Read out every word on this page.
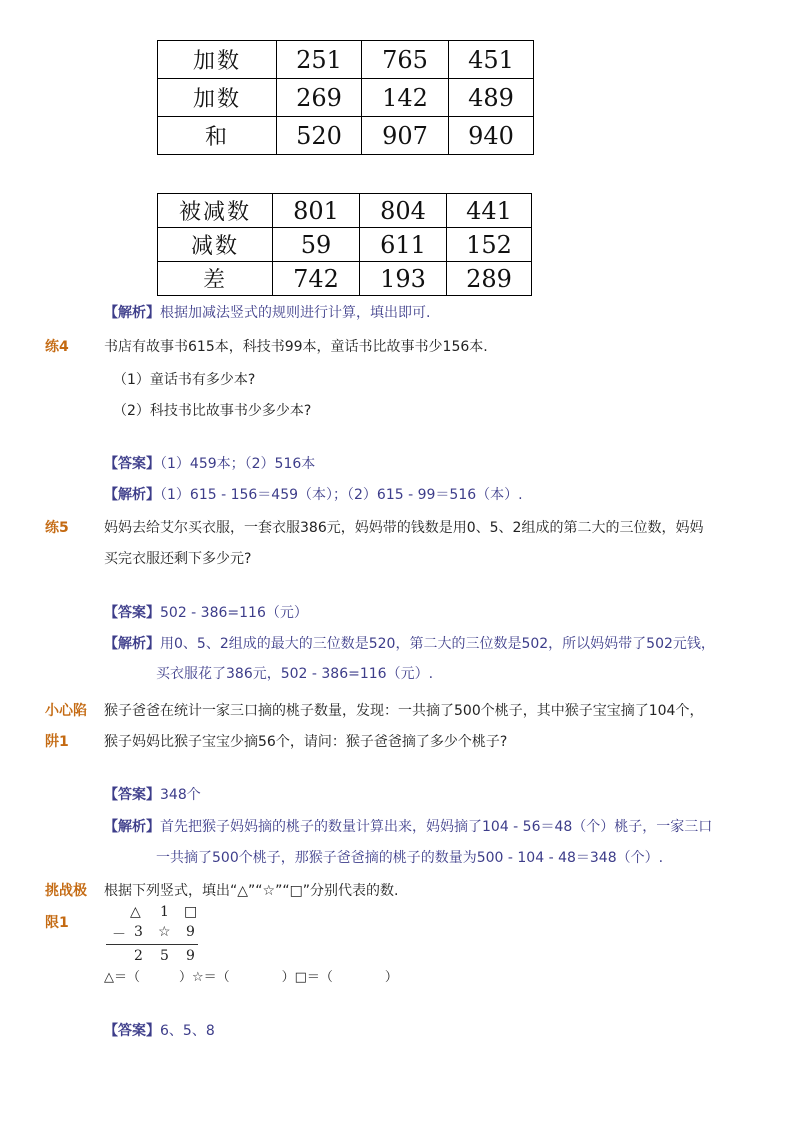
加数	251	765	451
加数	269	142	489
和	520	907	940
被减数	801	804	441
减数	59	611	152
差	742	193	289
【解析】根据加减法竖式的规则进行计算，填出即可.
练4	书店有故事书615本，科技书99本，童话书比故事书少156本.
（1）童话书有多少本?
（2）科技书比故事书少多少本?
【答案】（1）459本；（2）516本
【解析】（1）615 - 156＝459（本）；（2）615 - 99＝516（本）.
练5	妈妈去给艾尔买衣服，一套衣服386元，妈妈带的钱数是用0、5、2组成的第二大的三位数，妈妈
买完衣服还剩下多少元?
【答案】502 - 386=116（元）
【解析】用0、5、2组成的最大的三位数是520，第二大的三位数是502，所以妈妈带了502元钱，
买衣服花了386元，502 - 386=116（元）.
小心陷
阱1
猴子爸爸在统计一家三口摘的桃子数量，发现：一共摘了500个桃子，其中猴子宝宝摘了104个，
猴子妈妈比猴子宝宝少摘56个，请问：猴子爸爸摘了多少个桃子?
【答案】348个
【解析】首先把猴子妈妈摘的桃子的数量计算出来，妈妈摘了104 - 56＝48（个）桃子，一家三口
一共摘了500个桃子，那猴子爸爸摘的桃子的数量为500 - 104 - 48＝348（个）.
挑战极
限1
根据下列竖式，填出“△”“☆”“□”分别代表的数.
△ 1 □
－ 3 ☆ 9
2 5 9
△＝（　　　）☆＝（　　　　）□＝（　　　　）
【答案】6、5、8
